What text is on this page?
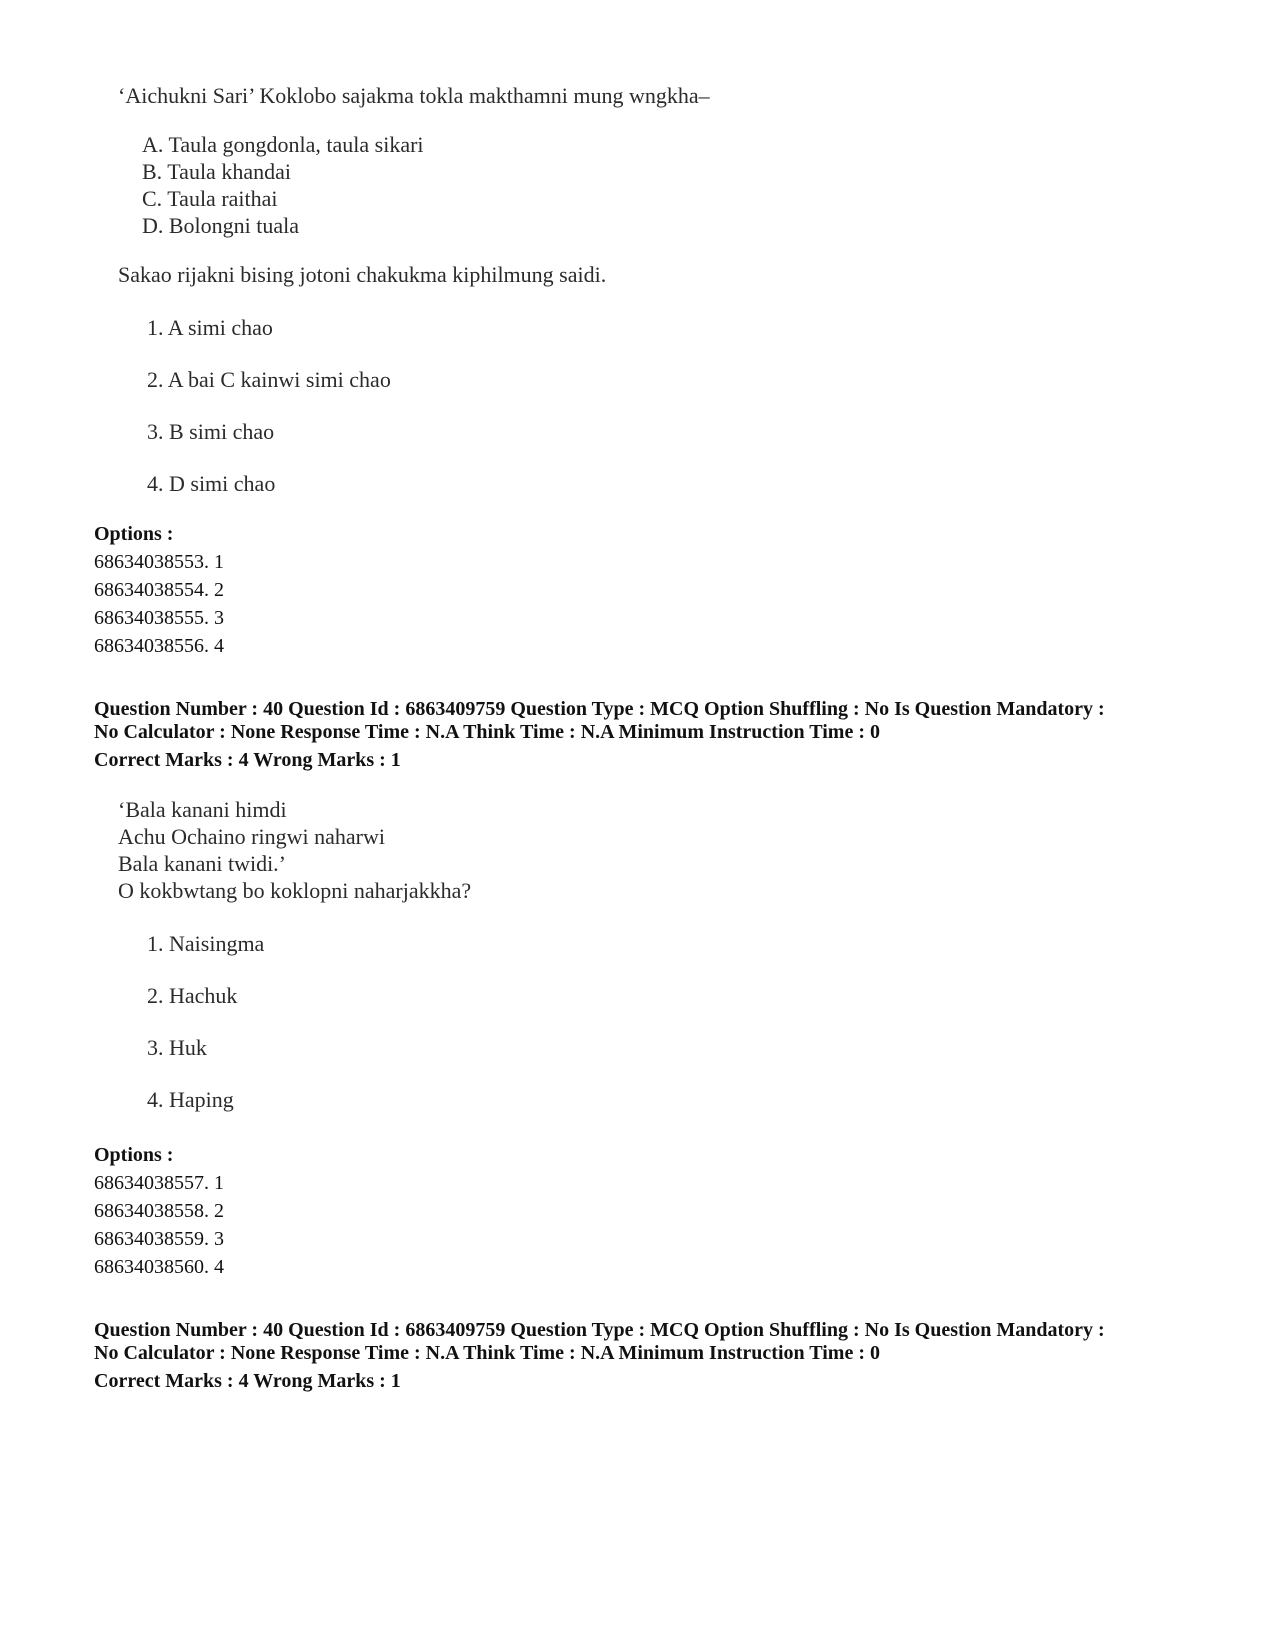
‘Aichukni Sari’ Koklobo sajakma tokla makthamni mung wngkha–
A. Taula gongdonla, taula sikari
B. Taula khandai
C. Taula raithai
D. Bolongni tuala
Sakao rijakni bising jotoni chakukma kiphilmung saidi.
1. A simi chao
2. A bai C kainwi simi chao
3. B simi chao
4. D simi chao
Options :
68634038553. 1
68634038554. 2
68634038555. 3
68634038556. 4
Question Number : 40 Question Id : 6863409759 Question Type : MCQ Option Shuffling : No Is Question Mandatory :
No Calculator : None Response Time : N.A Think Time : N.A Minimum Instruction Time : 0
Correct Marks : 4 Wrong Marks : 1
‘Bala kanani himdi
Achu Ochaino ringwi naharwi
Bala kanani twidi.’
O kokbwtang bo koklopni naharjakkha?
1. Naisingma
2. Hachuk
3. Huk
4. Haping
Options :
68634038557. 1
68634038558. 2
68634038559. 3
68634038560. 4
Question Number : 40 Question Id : 6863409759 Question Type : MCQ Option Shuffling : No Is Question Mandatory :
No Calculator : None Response Time : N.A Think Time : N.A Minimum Instruction Time : 0
Correct Marks : 4 Wrong Marks : 1
